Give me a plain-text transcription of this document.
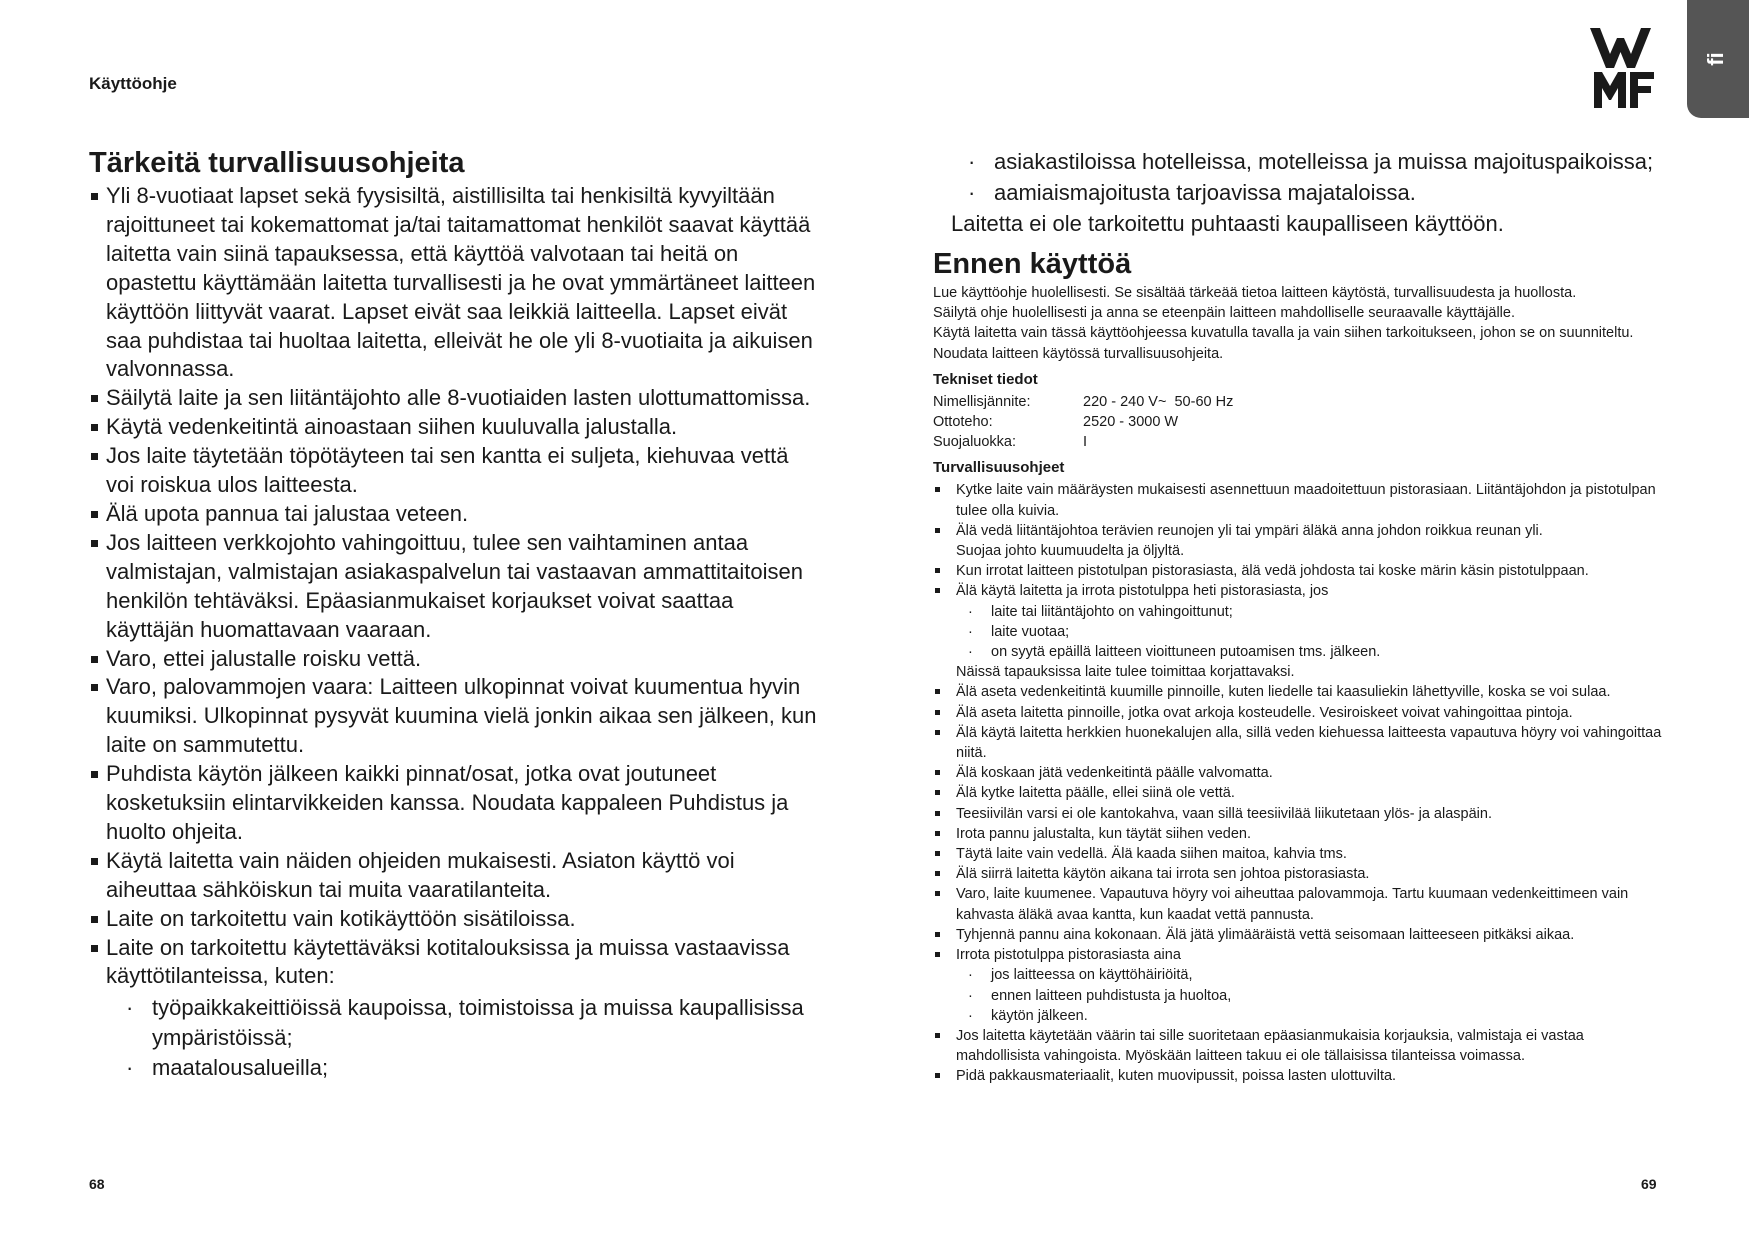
Käyttöohje
fi
Tärkeitä turvallisuusohjeita
Yli 8-vuotiaat lapset sekä fyysisiltä, aistillisilta tai henkisiltä kyvyiltään rajoittuneet tai kokemattomat ja/tai taitamattomat henkilöt saavat käyttää laitetta vain siinä tapauksessa, että käyttöä valvotaan tai heitä on opastettu käyttämään laitetta turvallisesti ja he ovat ymmärtäneet laitteen käyttöön liittyvät vaarat. Lapset eivät saa leikkiä laitteella. Lapset eivät saa puhdistaa tai huoltaa laitetta, elleivät he ole yli 8-vuotiaita ja aikuisen valvonnassa.
Säilytä laite ja sen liitäntäjohto alle 8-vuotiaiden lasten ulottumattomissa.
Käytä vedenkeitintä ainoastaan siihen kuuluvalla jalustalla.
Jos laite täytetään töpötäyteen tai sen kantta ei suljeta, kiehuvaa vettä voi roiskua ulos laitteesta.
Älä upota pannua tai jalustaa veteen.
Jos laitteen verkkojohto vahingoittuu, tulee sen vaihtaminen antaa valmistajan, valmistajan asiakaspalvelun tai vastaavan ammattitaitoisen henkilön tehtäväksi. Epäasianmukaiset korjaukset voivat saattaa käyttäjän huomattavaan vaaraan.
Varo, ettei jalustalle roisku vettä.
Varo, palovammojen vaara: Laitteen ulkopinnat voivat kuumentua hyvin kuumiksi. Ulkopinnat pysyvät kuumina vielä jonkin aikaa sen jälkeen, kun laite on sammutettu.
Puhdista käytön jälkeen kaikki pinnat/osat, jotka ovat joutuneet kosketuksiin elintarvikkeiden kanssa. Noudata kappaleen Puhdistus ja huolto ohjeita.
Käytä laitetta vain näiden ohjeiden mukaisesti. Asiaton käyttö voi aiheuttaa sähköiskun tai muita vaaratilanteita.
Laite on tarkoitettu vain kotikäyttöön sisätiloissa.
Laite on tarkoitettu käytettäväksi kotitalouksissa ja muissa vastaavissa käyttötilanteissa, kuten:
· työpaikkakeittiöissä kaupoissa, toimistoissa ja muissa kaupallisissa ympäristöissä;
· maatalousalueilla;
68
· asiakastiloissa hotelleissa, motelleissa ja muissa majoituspaikoissa;
· aamiaismajoitusta tarjoavissa majataloissa.
Laitetta ei ole tarkoitettu puhtaasti kaupalliseen käyttöön.
Ennen käyttöä

Lue käyttöohje huolellisesti. Se sisältää tärkeää tietoa laitteen käytöstä, turvallisuudesta ja huollosta.

Säilytä ohje huolellisesti ja anna se eteenpäin laitteen mahdolliselle seuraavalle käyttäjälle.

Käytä laitetta vain tässä käyttöohjeessa kuvatulla tavalla ja vain siihen tarkoitukseen, johon se on suunniteltu.

Noudata laitteen käytössä turvallisuusohjeita.

Tekniset tiedot
Nimellisjännite:	220 - 240 V~  50-60 Hz
Ottoteho:	2520 - 3000 W
Suojaluokka:	I
Turvallisuusohjeet
Kytke laite vain määräysten mukaisesti asennettuun maadoitettuun pistorasiaan. Liitäntäjohdon ja pistotulpan tulee olla kuivia.
Älä vedä liitäntäjohtoa terävien reunojen yli tai ympäri äläkä anna johdon roikkua reunan yli.
Suojaa johto kuumuudelta ja öljyltä.
Kun irrotat laitteen pistotulpan pistorasiasta, älä vedä johdosta tai koske märin käsin pistotulppaan.
Älä käytä laitetta ja irrota pistotulppa heti pistorasiasta, jos
· laite tai liitäntäjohto on vahingoittunut;
· laite vuotaa;
· on syytä epäillä laitteen vioittuneen putoamisen tms. jälkeen.
Näissä tapauksissa laite tulee toimittaa korjattavaksi.
Älä aseta vedenkeitintä kuumille pinnoille, kuten liedelle tai kaasuliekin lähettyville, koska se voi sulaa.
Älä aseta laitetta pinnoille, jotka ovat arkoja kosteudelle. Vesiroiskeet voivat vahingoittaa pintoja.
Älä käytä laitetta herkkien huonekalujen alla, sillä veden kiehuessa laitteesta vapautuva höyry voi vahingoittaa niitä.
Älä koskaan jätä vedenkeitintä päälle valvomatta.
Älä kytke laitetta päälle, ellei siinä ole vettä.
Teesiivilän varsi ei ole kantokahva, vaan sillä teesiivilää liikutetaan ylös- ja alaspäin.
Irota pannu jalustalta, kun täytät siihen veden.
Täytä laite vain vedellä. Älä kaada siihen maitoa, kahvia tms.
Älä siirrä laitetta käytön aikana tai irrota sen johtoa pistorasiasta.
Varo, laite kuumenee. Vapautuva höyry voi aiheuttaa palovammoja. Tartu kuumaan vedenkeittimeen vain kahvasta äläkä avaa kantta, kun kaadat vettä pannusta.
Tyhjennä pannu aina kokonaan. Älä jätä ylimääräistä vettä seisomaan laitteeseen pitkäksi aikaa.
Irrota pistotulppa pistorasiasta aina
· jos laitteessa on käyttöhäiriöitä,
· ennen laitteen puhdistusta ja huoltoa,
· käytön jälkeen.
Jos laitetta käytetään väärin tai sille suoritetaan epäasianmukaisia korjauksia, valmistaja ei vastaa mahdollisista vahingoista. Myöskään laitteen takuu ei ole tällaisissa tilanteissa voimassa.
Pidä pakkausmateriaalit, kuten muovipussit, poissa lasten ulottuvilta.
69
